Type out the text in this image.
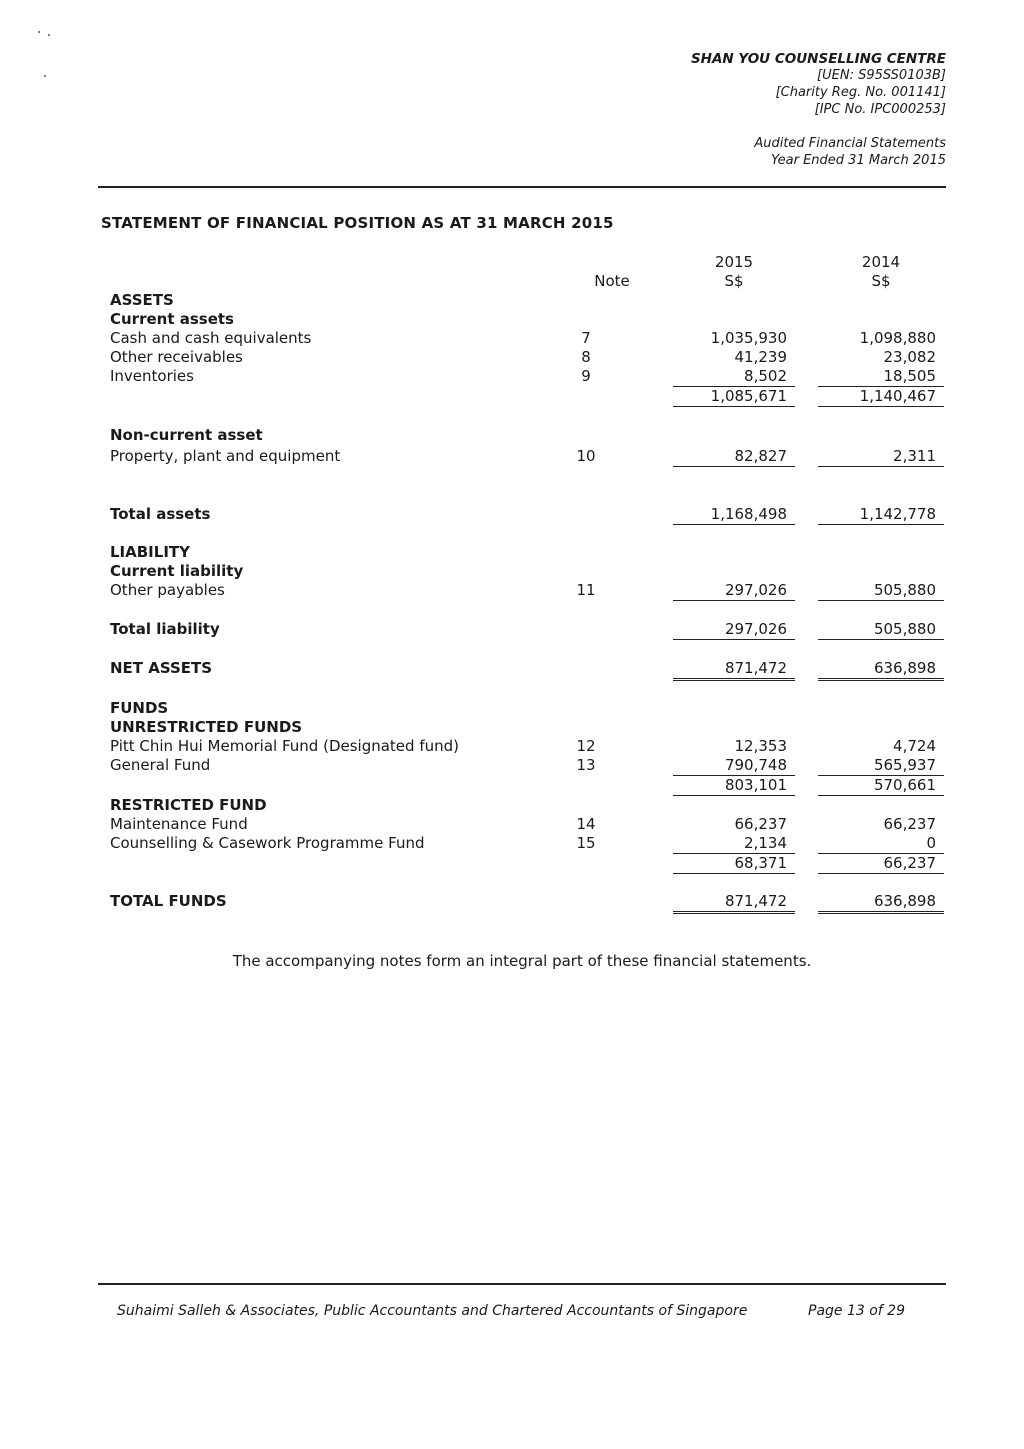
SHAN YOU COUNSELLING CENTRE
[UEN: S95SS0103B]
[Charity Reg. No. 001141]
[IPC No. IPC000253]
Audited Financial Statements
Year Ended 31 March 2015
STATEMENT OF FINANCIAL POSITION AS AT 31 MARCH 2015
2015	2014
Note	S$	S$
ASSETS
Current assets
Cash and cash equivalents	7	1,035,930	1,098,880
Other receivables	8	41,239	23,082
Inventories	9	8,502	18,505
1,085,671	1,140,467
Non-current asset
Property, plant and equipment	10	82,827	2,311
Total assets	1,168,498	1,142,778
LIABILITY
Current liability
Other payables	11	297,026	505,880
Total liability	297,026	505,880
NET ASSETS	871,472	636,898
FUNDS
UNRESTRICTED FUNDS
Pitt Chin Hui Memorial Fund (Designated fund)	12	12,353	4,724
General Fund	13	790,748	565,937
803,101	570,661
RESTRICTED FUND
Maintenance Fund	14	66,237	66,237
Counselling & Casework Programme Fund	15	2,134	0
68,371	66,237
TOTAL FUNDS	871,472	636,898
The accompanying notes form an integral part of these financial statements.
Suhaimi Salleh & Associates, Public Accountants and Chartered Accountants of Singapore	Page 13 of 29
